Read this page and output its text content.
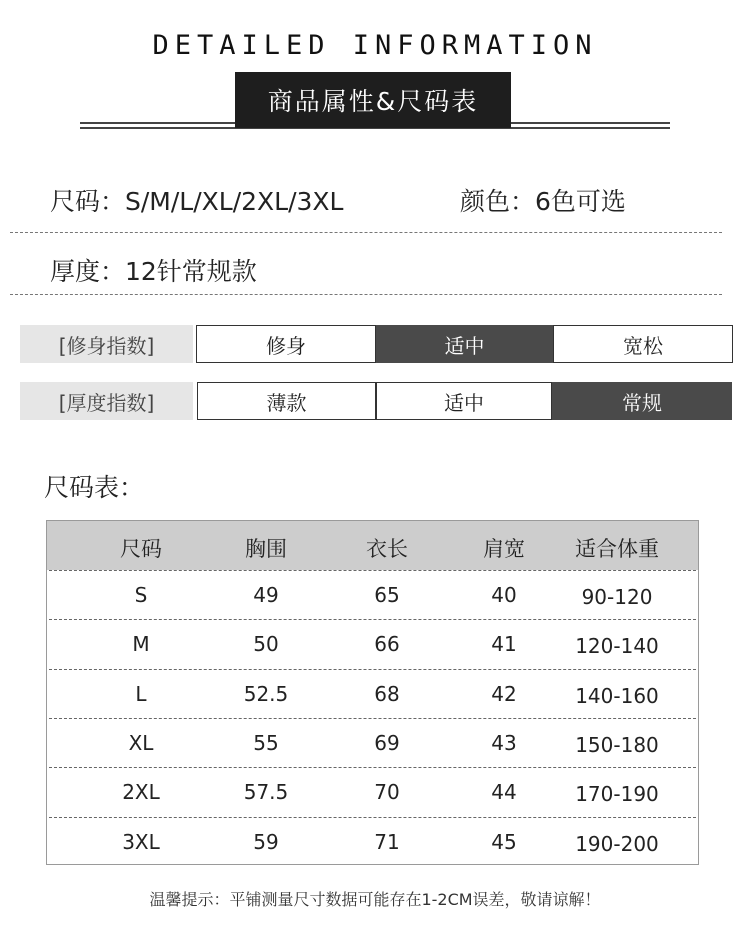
DETAILED INFORMATION
商品属性&尺码表
尺码：S/M/L/XL/2XL/3XL	颜色：6色可选
厚度：12针常规款
[修身指数]	修身	适中	宽松
[厚度指数]	薄款	适中	常规
尺码表：
尺码	胸围	衣长	肩宽	适合体重
S	49	65	40	90-120
M	50	66	41	120-140
L	52.5	68	42	140-160
XL	55	69	43	150-180
2XL	57.5	70	44	170-190
3XL	59	71	45	190-200
温馨提示：平铺测量尺寸数据可能存在1-2CM误差，敬请谅解！
